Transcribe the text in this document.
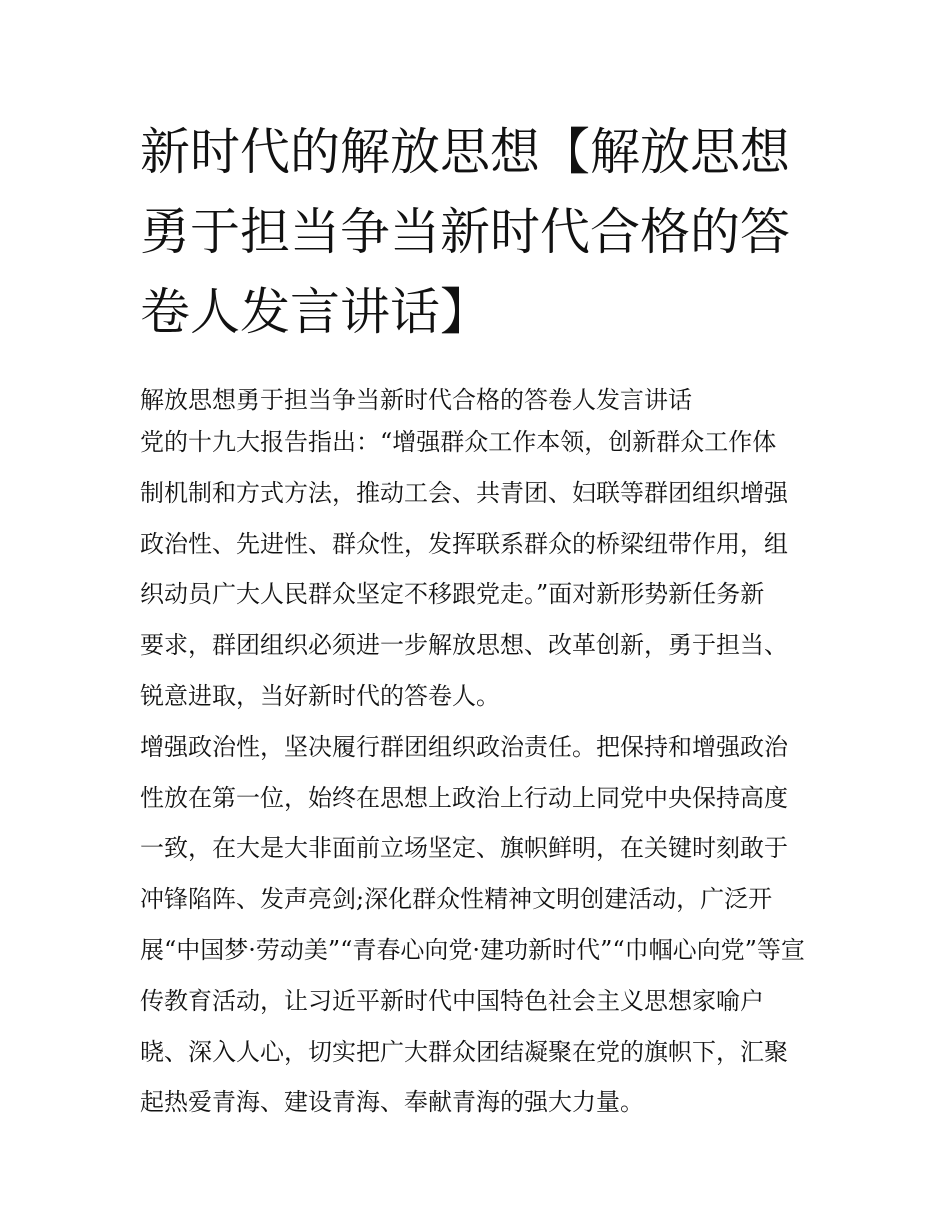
新时代的解放思想【解放思想
勇于担当争当新时代合格的答
卷人发言讲话】
解放思想勇于担当争当新时代合格的答卷人发言讲话
党的十九大报告指出：“增强群众工作本领，创新群众工作体
制机制和方式方法，推动工会、共青团、妇联等群团组织增强
政治性、先进性、群众性，发挥联系群众的桥梁纽带作用，组
织动员广大人民群众坚定不移跟党走。”面对新形势新任务新
要求，群团组织必须进一步解放思想、改革创新，勇于担当、
锐意进取，当好新时代的答卷人。
增强政治性，坚决履行群团组织政治责任。把保持和增强政治
性放在第一位，始终在思想上政治上行动上同党中央保持高度
一致，在大是大非面前立场坚定、旗帜鲜明，在关键时刻敢于
冲锋陷阵、发声亮剑;深化群众性精神文明创建活动，广泛开
展“中国梦·劳动美”“青春心向党·建功新时代”“巾帼心向党”等宣
传教育活动，让习近平新时代中国特色社会主义思想家喻户
晓、深入人心，切实把广大群众团结凝聚在党的旗帜下，汇聚
起热爱青海、建设青海、奉献青海的强大力量。
